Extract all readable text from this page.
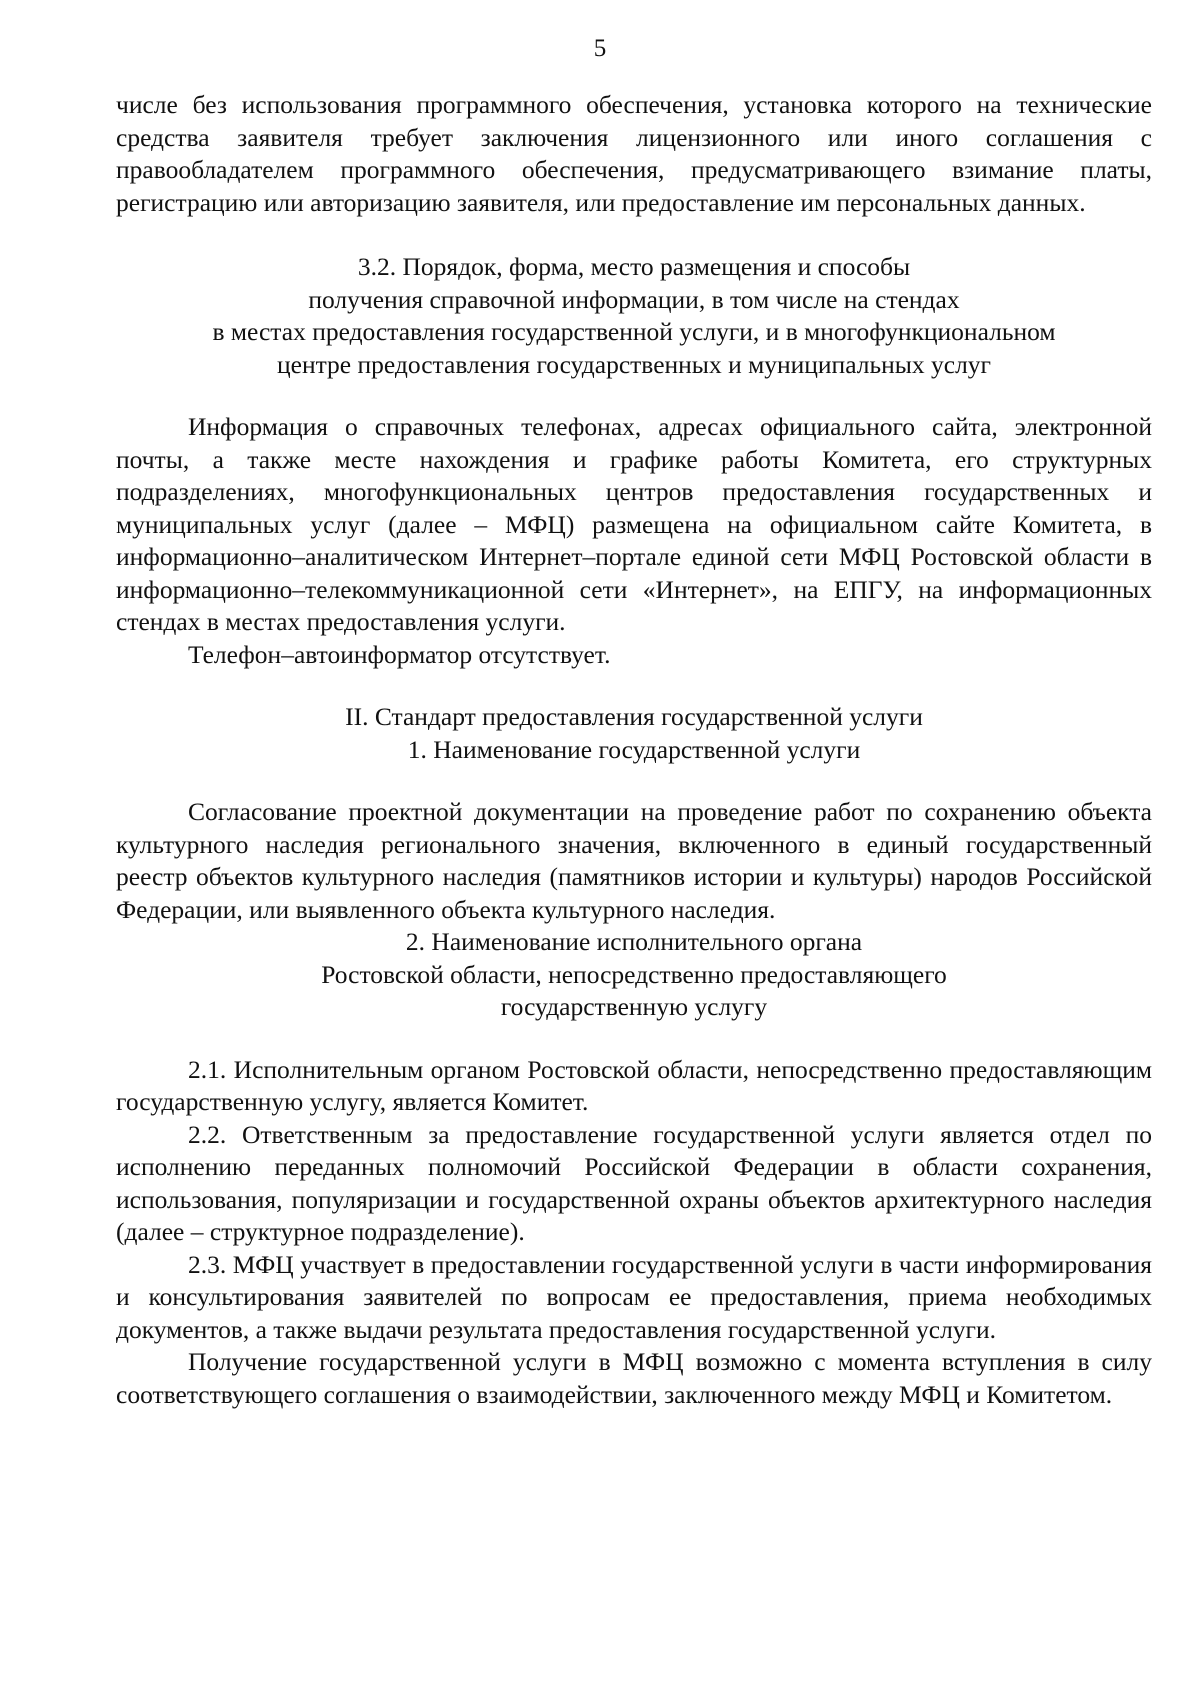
5

числе без использования программного обеспечения, установка которого на технические средства заявителя требует заключения лицензионного или иного соглашения с правообладателем программного обеспечения, предусматривающего взимание платы, регистрацию или авторизацию заявителя, или предоставление им персональных данных.

3.2. Порядок, форма, место размещения и способы
получения справочной информации, в том числе на стендах
в местах предоставления государственной услуги, и в многофункциональном
центре предоставления государственных и муниципальных услуг

Информация о справочных телефонах, адресах официального сайта, электронной почты, а также месте нахождения и графике работы Комитета, его структурных подразделениях, многофункциональных центров предоставления государственных и муниципальных услуг (далее – МФЦ) размещена на официальном сайте Комитета, в информационно–аналитическом Интернет–портале единой сети МФЦ Ростовской области в информационно–телекоммуникационной сети «Интернет», на ЕПГУ, на информационных стендах в местах предоставления услуги.

Телефон–автоинформатор отсутствует.

II. Стандарт предоставления государственной услуги
1. Наименование государственной услуги

Согласование проектной документации на проведение работ по сохранению объекта культурного наследия регионального значения, включенного в единый государственный реестр объектов культурного наследия (памятников истории и культуры) народов Российской Федерации, или выявленного объекта культурного наследия.

2. Наименование исполнительного органа
Ростовской области, непосредственно предоставляющего
государственную услугу

2.1. Исполнительным органом Ростовской области, непосредственно предоставляющим государственную услугу, является Комитет.

2.2. Ответственным за предоставление государственной услуги является отдел по исполнению переданных полномочий Российской Федерации в области сохранения, использования, популяризации и государственной охраны объектов архитектурного наследия (далее – структурное подразделение).

2.3. МФЦ участвует в предоставлении государственной услуги в части информирования и консультирования заявителей по вопросам ее предоставления, приема необходимых документов, а также выдачи результата предоставления государственной услуги.

Получение государственной услуги в МФЦ возможно с момента вступления в силу соответствующего соглашения о взаимодействии, заключенного между МФЦ и Комитетом.
